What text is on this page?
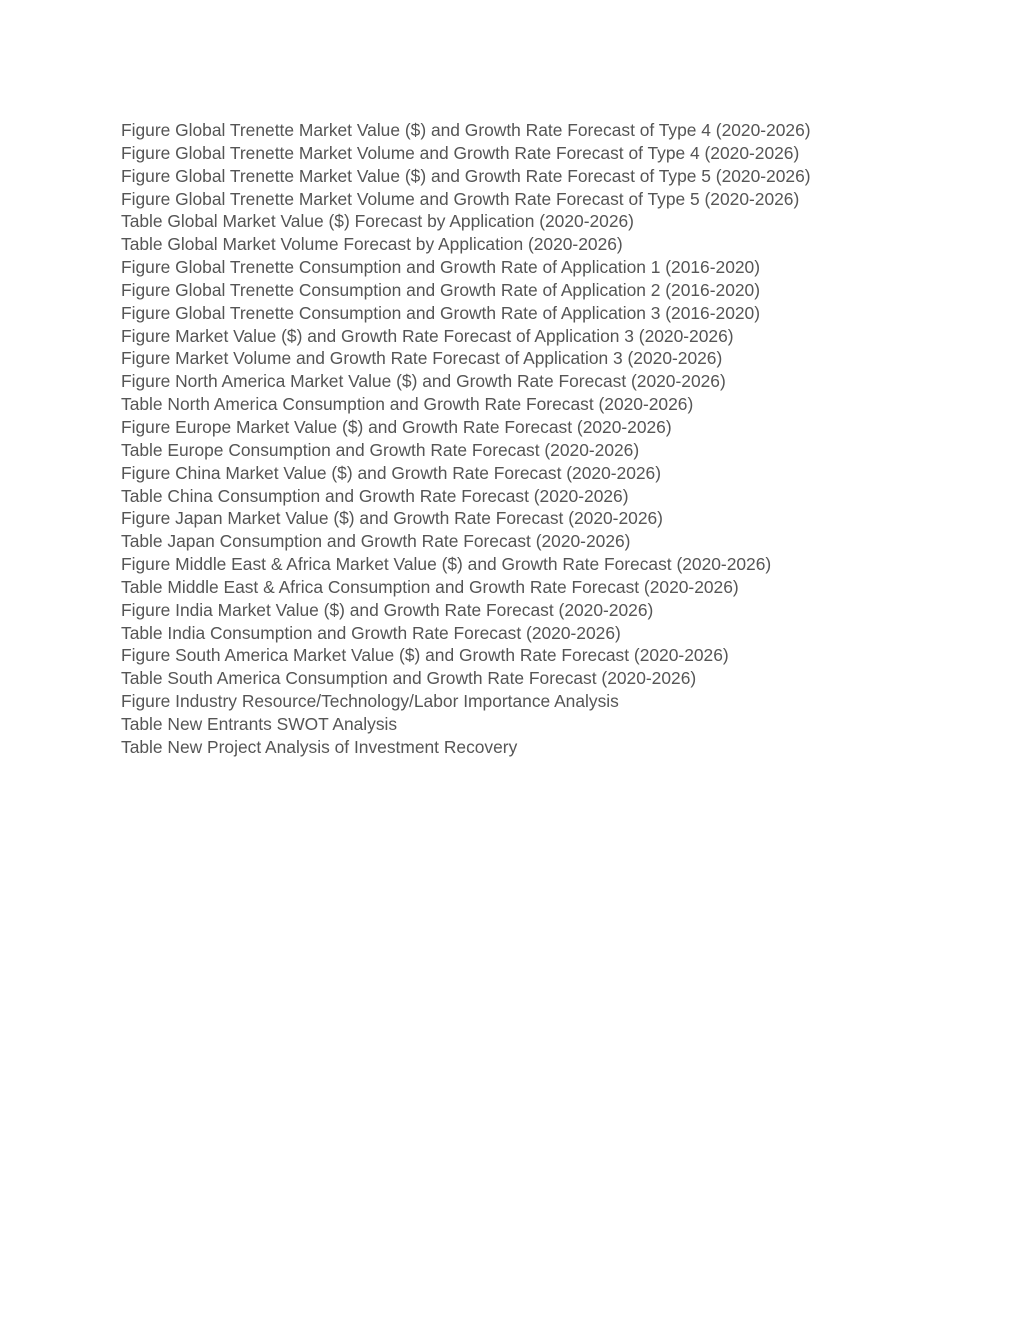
Figure Global Trenette Market Value ($) and Growth Rate Forecast of Type 4 (2020-2026)
Figure Global Trenette Market Volume and Growth Rate Forecast of Type 4 (2020-2026)
Figure Global Trenette Market Value ($) and Growth Rate Forecast of Type 5 (2020-2026)
Figure Global Trenette Market Volume and Growth Rate Forecast of Type 5 (2020-2026)
Table Global Market Value ($) Forecast by Application (2020-2026)
Table Global Market Volume Forecast by Application (2020-2026)
Figure Global Trenette Consumption and Growth Rate of Application 1 (2016-2020)
Figure Global Trenette Consumption and Growth Rate of Application 2 (2016-2020)
Figure Global Trenette Consumption and Growth Rate of Application 3 (2016-2020)
Figure Market Value ($) and Growth Rate Forecast of Application 3 (2020-2026)
Figure Market Volume and Growth Rate Forecast of Application 3 (2020-2026)
Figure North America Market Value ($) and Growth Rate Forecast (2020-2026)
Table North America Consumption and Growth Rate Forecast (2020-2026)
Figure Europe Market Value ($) and Growth Rate Forecast (2020-2026)
Table Europe Consumption and Growth Rate Forecast (2020-2026)
Figure China Market Value ($) and Growth Rate Forecast (2020-2026)
Table China Consumption and Growth Rate Forecast (2020-2026)
Figure Japan Market Value ($) and Growth Rate Forecast (2020-2026)
Table Japan Consumption and Growth Rate Forecast (2020-2026)
Figure Middle East & Africa Market Value ($) and Growth Rate Forecast (2020-2026)
Table Middle East & Africa Consumption and Growth Rate Forecast (2020-2026)
Figure India Market Value ($) and Growth Rate Forecast (2020-2026)
Table India Consumption and Growth Rate Forecast (2020-2026)
Figure South America Market Value ($) and Growth Rate Forecast (2020-2026)
Table South America Consumption and Growth Rate Forecast (2020-2026)
Figure Industry Resource/Technology/Labor Importance Analysis
Table New Entrants SWOT Analysis
Table New Project Analysis of Investment Recovery
